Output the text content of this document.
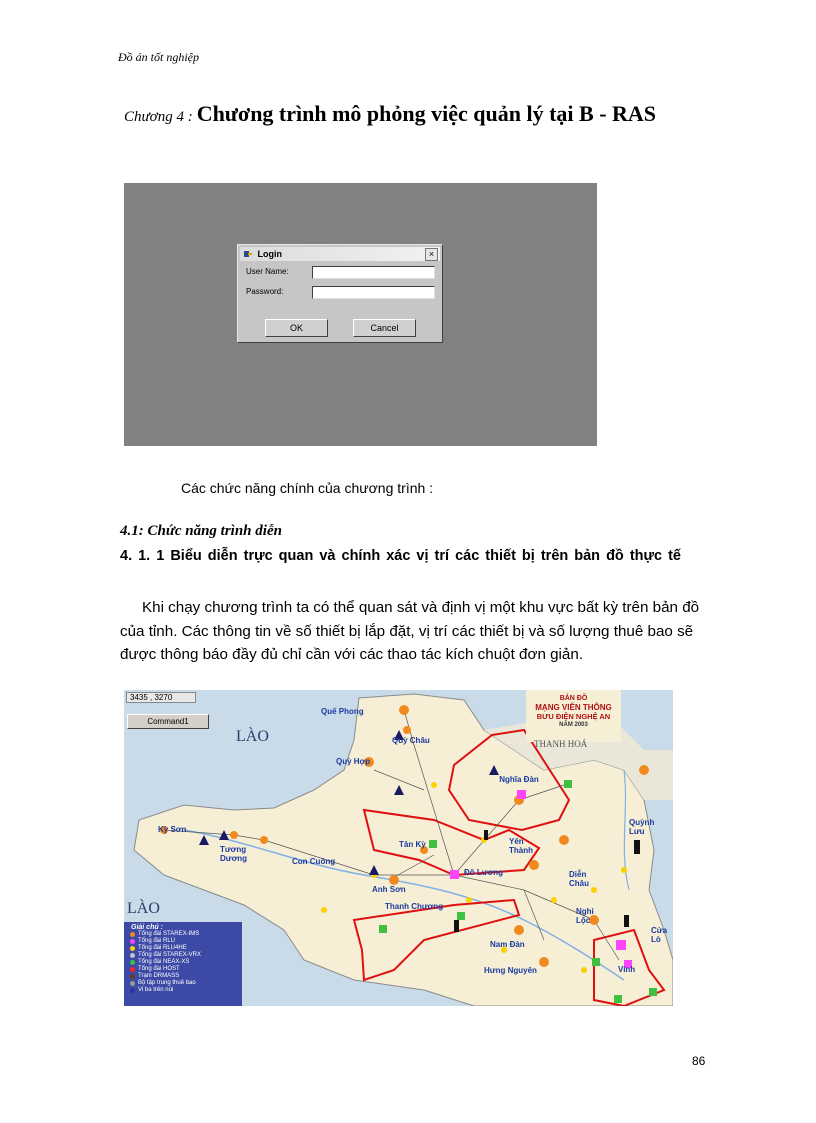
Đồ án tốt nghiệp
Chương 4 : Chương trình mô phỏng việc quản lý tại B - RAS
Login	×
User Name:
Password:
OK	Cancel
Các chức năng chính của chương trình :
4.1: Chức năng trình diễn
4. 1. 1 Biểu diễn trực quan và chính xác vị trí các thiết bị trên bản đồ thực tế
Khi chạy chương trình ta có thể quan sát và định vị một khu vực bất kỳ trên bản đồ của tỉnh. Các thông tin về số thiết bị lắp đặt, vị trí các thiết bị và số lượng thuê bao sẽ được thông báo đầy đủ chỉ cần với các thao tác kích chuột đơn giản.
3435 , 3270
Command1
BẢN ĐỒ
MẠNG VIỄN THÔNG
BƯU ĐIỆN NGHỆ AN
NĂM 2003
LÀO
LÀO
THANH HOÁ
Quế Phong
Quỳ Châu
Quỳ Hợp
Nghĩa Đàn
Quỳnh Lưu
Kỳ Sơn
Tương Dương	Con Cuông
Tân Kỳ	Yên Thành
Đô Lương	Diễn Châu
Anh Sơn
Thanh Chương
Nghi Lộc
Cửa Lò
Nam Đàn
Hưng Nguyên	Vinh
Giải chú :
Tổng đài STAREX-IMS
Tổng đài RLU
Tổng đài RLU4HE
Tổng đài STAREX-VRX
Tổng đài NEAX-XS
Tổng đài HOST
Trạm DRMASS
Bộ tập trung thuê bao
Vi ba trên núi
86
